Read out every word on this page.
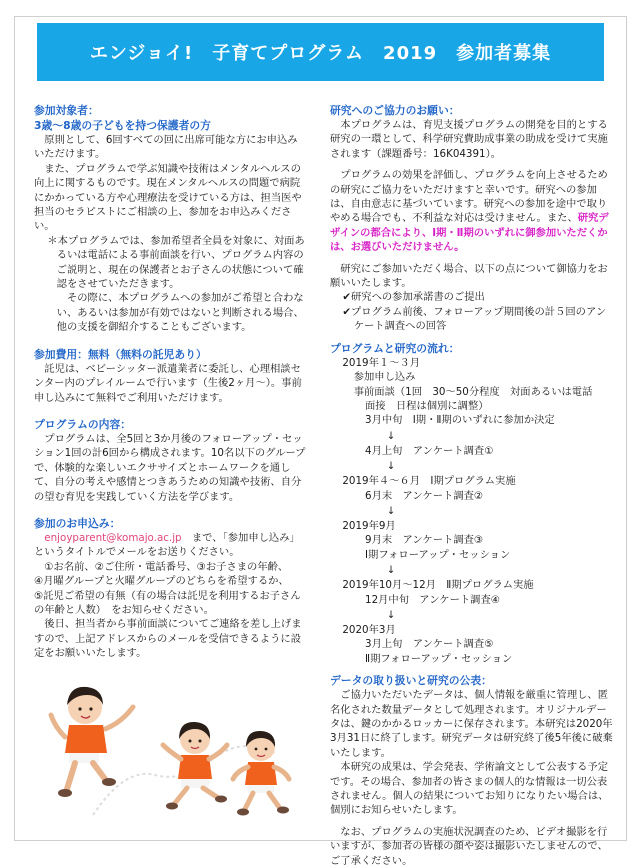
エンジョイ!　子育てプログラム　2019　参加者募集
参加対象者：
3歳～8歳の子どもを持つ保護者の方

原則として、6回すべての回に出席可能な方にお申込みいただけます。

また、プログラムで学ぶ知識や技術はメンタルヘルスの向上に関するものです。現在メンタルヘルスの問題で病院にかかっている方や心理療法を受けている方は、担当医や担当のセラピストにご相談の上、参加をお申込みください。

＊本プログラムでは、参加希望者全員を対象に、対面あるいは電話による事前面談を行い、プログラム内容のご説明と、現在の保護者とお子さんの状態について確認をさせていただきます。

その際に、本プログラムへの参加がご希望と合わない、あるいは参加が有効ではないと判断される場合、他の支援を御紹介することもございます。

参加費用：無料（無料の託児あり）

託児は、ベビーシッター派遣業者に委託し、心理相談センター内のプレイルームで行います（生後2ヶ月～）。事前申し込みにて無料でご利用いただけます。

プログラムの内容：

プログラムは、全5回と3か月後のフォローアップ・セッション1回の計6回から構成されます。10名以下のグループで、体験的な楽しいエクササイズとホームワークを通して、自分の考えや感情とつきあうための知識や技術、自分の望む育児を実践していく方法を学びます。

参加のお申込み：

enjoyparent@komajo.ac.jp　 まで、「参加申し込み」というタイトルでメールをお送りください。

①お名前、②ご住所・電話番号、③お子さまの年齢、

④月曜グループと火曜グループのどちらを希望するか、

⑤託児ご希望の有無（有の場合は託児を利用するお子さんの年齢と人数）　をお知らせください。

後日、担当者から事前面談についてご連絡を差し上げますので、上記アドレスからのメールを受信できるように設定をお願いいたします。

研究へのご協力のお願い：

本プログラムは、育児支援プログラムの開発を目的とする研究の一環として、科学研究費助成事業の助成を受けて実施されます（課題番号：16K04391）。

プログラムの効果を評価し、プログラムを向上させるための研究にご協力をいただけますと幸いです。研究への参加は、自由意志に基づいています。研究への参加を途中で取りやめる場合でも、不利益な対応は受けません。また、研究デザインの都合により、Ⅰ期・Ⅱ期のいずれに御参加いただくかは、お選びいただけません。

研究にご参加いただく場合、以下の点について御協力をお願いいたします。

✔研究への参加承諾書のご提出
✔プログラム前後、フォローアップ期間後の計５回のアンケート調査への回答
プログラムと研究の流れ：
2019年１～３月
参加申し込み
事前面談（1回　30～50分程度　対面あるいは電話
面接　日程は個別に調整）
3月中旬　Ⅰ期・Ⅱ期のいずれに参加か決定
↓
4月上旬　アンケート調査①
↓
2019年４～６月　Ⅰ期プログラム実施
6月末　アンケート調査②
↓
2019年9月
9月末　アンケート調査③
Ⅰ期フォローアップ・セッション
↓
2019年10月～12月　Ⅱ期プログラム実施
12月中旬　アンケート調査④
↓
2020年3月
3月上旬　アンケート調査⑤
Ⅱ期フォローアップ・セッション
データの取り扱いと研究の公表：

ご協力いただいたデータは、個人情報を厳重に管理し、匿名化された数量データとして処理されます。オリジナルデータは、鍵のかかるロッカーに保存されます。本研究は2020年3月31日に終了します。研究データは研究終了後5年後に破棄いたします。

本研究の成果は、学会発表、学術論文として公表する予定です。その場合、参加者の皆さまの個人的な情報は一切公表されません。個人の結果についてお知りになりたい場合は、個別にお知らせいたします。

なお、プログラムの実施状況調査のため、ビデオ撮影を行いますが、参加者の皆様の顔や姿は撮影いたしませんので、ご了承ください。
